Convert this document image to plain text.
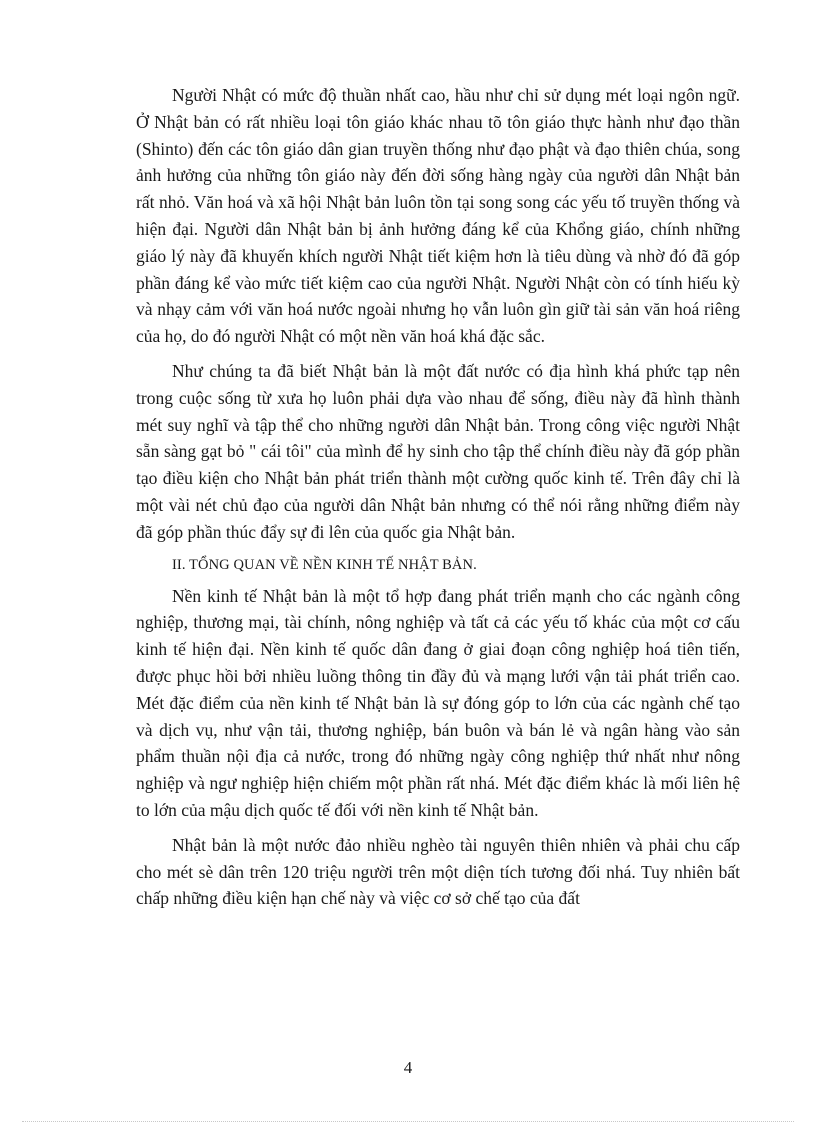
Người Nhật có mức độ thuần nhất cao, hầu như chỉ sử dụng mét loại ngôn ngữ. Ở Nhật bản có rất nhiều loại tôn giáo khác nhau tõ tôn giáo thực hành như đạo thần (Shinto) đến các tôn giáo dân gian truyền thống như đạo phật và đạo thiên chúa, song ảnh hưởng của những tôn giáo này đến đời sống hàng ngày của người dân Nhật bản rất nhỏ. Văn hoá và xã hội Nhật bản luôn tồn tại song song các yếu tố truyền thống và hiện đại. Người dân Nhật bản bị ảnh hưởng đáng kể của Khổng giáo, chính những giáo lý này đã khuyến khích người Nhật tiết kiệm hơn là tiêu dùng và nhờ đó đã góp phần đáng kể vào mức tiết kiệm cao của người Nhật. Người Nhật còn có tính hiếu kỳ và nhạy cảm với văn hoá nước ngoài nhưng họ vẫn luôn gìn giữ tài sản văn hoá riêng của họ, do đó người Nhật có một nền văn hoá khá đặc sắc.

Như chúng ta đã biết Nhật bản là một đất nước có địa hình khá phức tạp nên trong cuộc sống từ xưa họ luôn phải dựa vào nhau để sống, điều này đã hình thành mét suy nghĩ và tập thể cho những người dân Nhật bản. Trong công việc người Nhật sẵn sàng gạt bỏ " cái tôi" của mình để hy sinh cho tập thể chính điều này đã góp phần tạo điều kiện cho Nhật bản phát triển thành một cường quốc kinh tế. Trên đây chỉ là một vài nét chủ đạo của người dân Nhật bản nhưng có thể nói rằng những điểm này đã góp phần thúc đẩy sự đi lên của quốc gia Nhật bản.

II. TỔNG QUAN VỀ NỀN KINH TẾ NHẬT BẢN.

Nền kinh tế Nhật bản là một tổ hợp đang phát triển mạnh cho các ngành công nghiệp, thương mại, tài chính, nông nghiệp và tất cả các yếu tố khác của một cơ cấu kinh tế hiện đại. Nền kinh tế quốc dân đang ở giai đoạn công nghiệp hoá tiên tiến, được phục hồi bởi nhiều luồng thông tin đầy đủ và mạng lưới vận tải phát triển cao. Mét đặc điểm của nền kinh tế Nhật bản là sự đóng góp to lớn của các ngành chế tạo và dịch vụ, như vận tải, thương nghiệp, bán buôn và bán lẻ và ngân hàng vào sản phẩm thuần nội địa cả nước, trong đó những ngày công nghiệp thứ nhất như nông nghiệp và ngư nghiệp hiện chiếm một phần rất nhá. Mét đặc điểm khác là mối liên hệ to lớn của mậu dịch quốc tế đối với nền kinh tế Nhật bản.

Nhật bản là một nước đảo nhiều nghèo tài nguyên thiên nhiên và phải chu cấp cho mét sè dân trên 120 triệu người trên một diện tích tương đối nhá. Tuy nhiên bất chấp những điều kiện hạn chế này và việc cơ sở chế tạo của đất

4
